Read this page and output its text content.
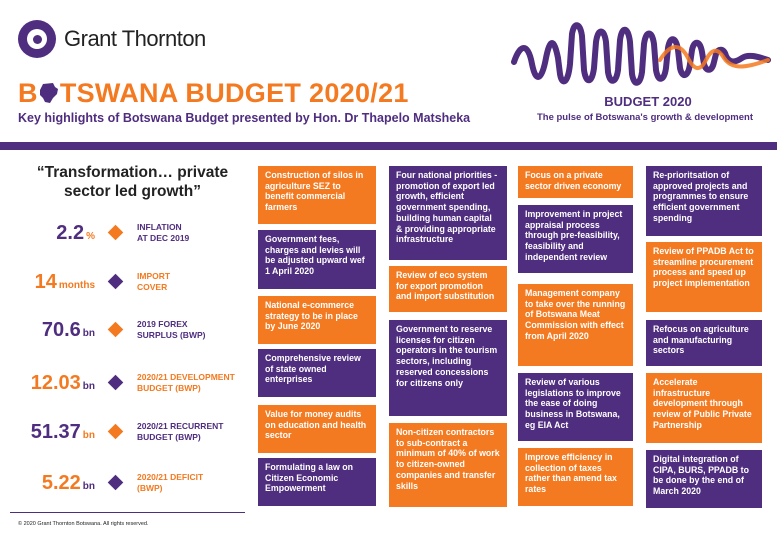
Grant Thornton
B TSWANA BUDGET 2020/21
Key highlights of Botswana Budget presented by Hon. Dr Thapelo Matsheka
BUDGET 2020
The pulse of Botswana's growth & development
“Transformation… private sector led growth”
2.2 %
INFLATION
AT DEC 2019
14 months
IMPORT
COVER
70.6 bn
2019 FOREX
SURPLUS (BWP)
12.03 bn
2020/21 DEVELOPMENT
BUDGET (BWP)
51.37 bn
2020/21 RECURRENT
BUDGET (BWP)
5.22 bn
2020/21 DEFICIT
(BWP)
© 2020 Grant Thornton Botswana. All rights reserved.
Construction of silos in agriculture SEZ to benefit commercial farmers
Government fees, charges and levies will be adjusted upward wef 1 April 2020
National e-commerce strategy to be in place by June 2020
Comprehensive review of state owned enterprises
Value for money audits on education and health sector
Formulating a law on Citizen Economic Empowerment
Four national priorities - promotion of export led growth, efficient government spending, building human capital & providing appropriate infrastructure
Review of eco system for export promotion and import substitution
Government to reserve licenses for citizen operators in the tourism sectors, including reserved concessions for citizens only
Non-citizen contractors to sub-contract a minimum of 40% of work to citizen-owned companies and transfer skills
Focus on a private sector driven economy
Improvement in project appraisal process through pre-feasibility, feasibility and independent review
Management company to take over the running of Botswana Meat Commission with effect from April 2020
Review of various legislations to improve the ease of doing business in Botswana, eg EIA Act
Improve efficiency in collection of taxes rather than amend tax rates
Re-prioritsation of approved projects and programmes to ensure efficient government spending
Review of PPADB Act to streamline procurement process and speed up project implementation
Refocus on agriculture and manufacturing sectors
Accelerate infrastructure development through review of Public Private Partnership
Digital integration of CIPA, BURS, PPADB to be done by the end of March 2020
